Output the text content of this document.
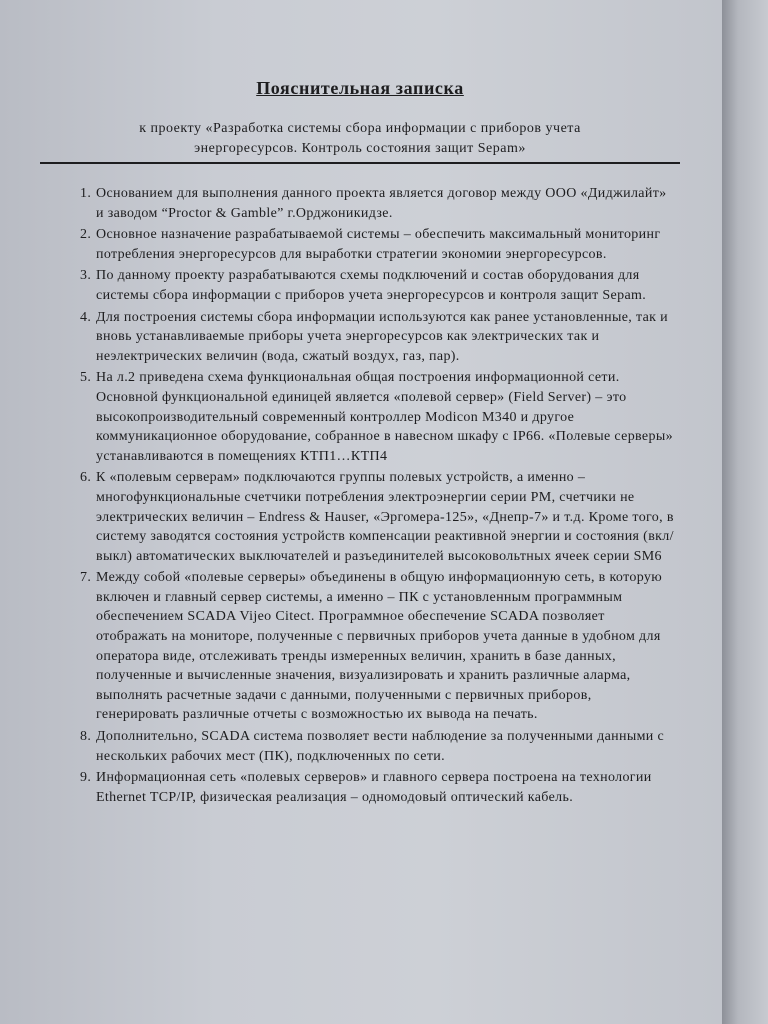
Пояснительная записка

к проекту «Разработка системы сбора информации с приборов учета
энергоресурсов. Контроль состояния защит Sepam»

1. Основанием для выполнения данного проекта является договор между ООО «Диджилайт» и заводом “Proctor & Gamble” г.Орджоникидзе.
2. Основное назначение разрабатываемой системы – обеспечить максимальный мониторинг потребления энергоресурсов для выработки стратегии экономии энергоресурсов.
3. По данному проекту разрабатываются схемы подключений и состав оборудования для системы сбора информации с приборов учета энергоресурсов и контроля защит Sepam.
4. Для построения системы сбора информации используются как ранее установленные, так и вновь устанавливаемые приборы учета энергоресурсов как электрических так и неэлектрических величин (вода, сжатый воздух, газ, пар).
5. На л.2 приведена схема функциональная общая построения информационной сети. Основной функциональной единицей является «полевой сервер» (Field Server) – это высокопроизводительный современный контроллер Modicon M340 и другое коммуникационное оборудование, собранное в навесном шкафу с IP66. «Полевые серверы» устанавливаются в помещениях КТП1…КТП4
6. К «полевым серверам» подключаются группы полевых устройств, а именно – многофункциональные счетчики потребления электроэнергии серии PM, счетчики не электрических величин – Endress & Hauser, «Эргомера-125», «Днепр-7» и т.д. Кроме того, в систему заводятся состояния устройств компенсации реактивной энергии и состояния (вкл/выкл) автоматических выключателей и разъединителей высоковольтных ячеек серии SM6
7. Между собой «полевые серверы» объединены в общую информационную сеть, в которую включен и главный сервер системы, а именно – ПК с установленным программным обеспечением SCADA Vijeo Citect. Программное обеспечение SCADA позволяет отображать на мониторе, полученные с первичных приборов учета данные в удобном для оператора виде, отслеживать тренды измеренных величин, хранить в базе данных, полученные и вычисленные значения, визуализировать и хранить различные аларма, выполнять расчетные задачи с данными, полученными с первичных приборов, генерировать различные отчеты с возможностью их вывода на печать.
8. Дополнительно, SCADA система позволяет вести наблюдение за полученными данными с нескольких рабочих мест (ПК), подключенных по сети.
9. Информационная сеть «полевых серверов» и главного сервера построена на технологии Ethernet TCP/IP, физическая реализация – одномодовый оптический кабель.
